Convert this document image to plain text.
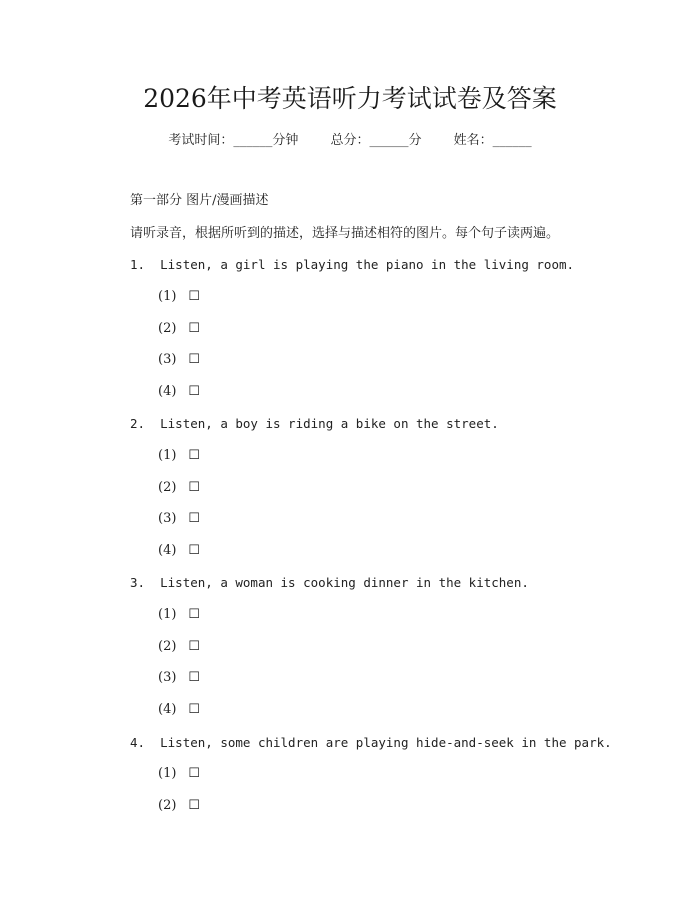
2026年中考英语听力考试试卷及答案
考试时间：______分钟 总分：______分 姓名：______
第一部分 图片/漫画描述
请听录音，根据所听到的描述，选择与描述相符的图片。每个句子读两遍。
1. Listen, a girl is playing the piano in the living room.
(1) ☐
(2) ☐
(3) ☐
(4) ☐
2. Listen, a boy is riding a bike on the street.
(1) ☐
(2) ☐
(3) ☐
(4) ☐
3. Listen, a woman is cooking dinner in the kitchen.
(1) ☐
(2) ☐
(3) ☐
(4) ☐
4. Listen, some children are playing hide-and-seek in the park.
(1) ☐
(2) ☐
